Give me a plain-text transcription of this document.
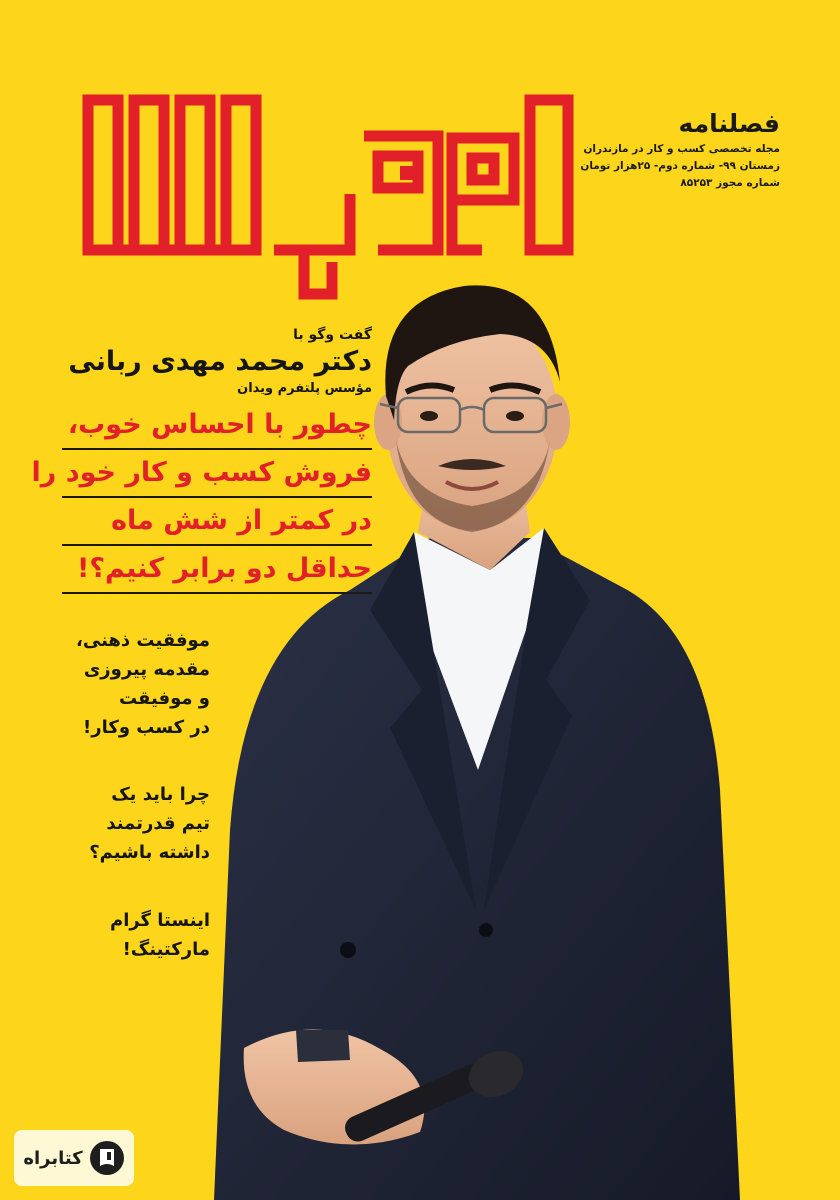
فصلنامه
مجله تخصصی کسب و کار در مازندران
زمستان ۹۹- شماره دوم- ۲۵هزار تومان
شماره مجوز ۸۵۲۵۳
گفت وگو با
دکتر محمد مهدی ربانی
مؤسس پلتفرم ویدان
چطور با احساس خوب،
فروش کسب و کار خود را
در کمتر از شش ماه
حداقل دو برابر کنیم؟!
موفقیت ذهنی،
مقدمه پیروزی
و موفیقت
در کسب وکار!
چرا باید یک
تیم قدرتمند
داشته باشیم؟
اینستا گرام
مارکتینگ!
کتابراه
